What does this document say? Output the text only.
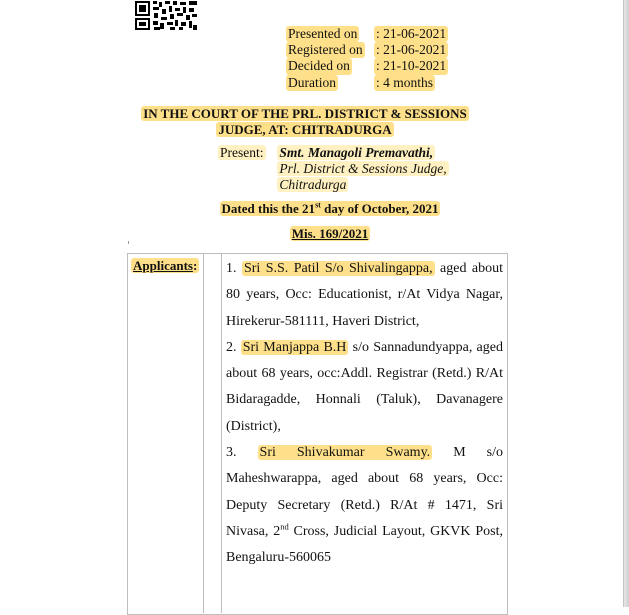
Presented on	: 21-06-2021
Registered on : 21-06-2021
Decided on	: 21-10-2021
Duration	: 4 months
IN THE COURT OF THE PRL. DISTRICT & SESSIONS
JUDGE, AT: CHITRADURGA
Present: Smt. Managoli Premavathi,
Prl. District & Sessions Judge,
Chitradurga
Dated this the 21st day of October, 2021
Mis. 169/2021
Applicants: 1. Sri S.S. Patil S/o Shivalingappa, aged about 80 years, Occ: Educationist, r/At Vidya Nagar, Hirekerur-581111, Haveri District,

2. Sri Manjappa B.H s/o Sannadundyappa, aged about 68 years, occ:Addl. Registrar (Retd.) R/At Bidaragadde, Honnali (Taluk), Davanagere (District),

3. Sri Shivakumar Swamy. M s/o Maheshwarappa, aged about 68 years, Occ: Deputy Secretary (Retd.) R/At # 1471, Sri Nivasa, 2nd Cross, Judicial Layout, GKVK Post, Bengaluru-560065
